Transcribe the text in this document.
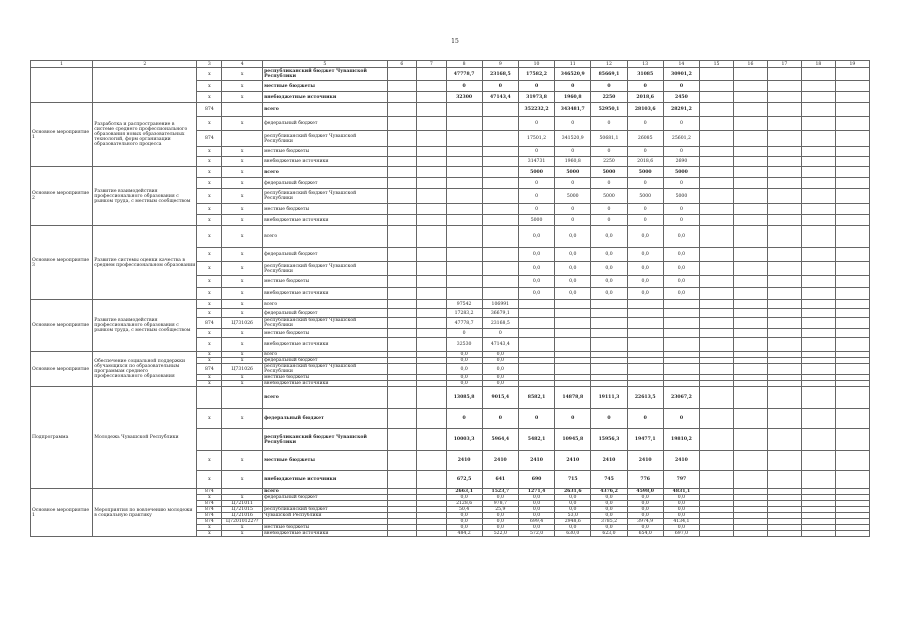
15
1	2	3	4	5	6	7	8	9	10	11	12	13	14	15	16	17	18	19
		x	x	республиканский бюджет Чувашской Республики			47778,7	23168,5	17582,2	346520,9	85669,1	31085	30901,2					
		x	x	местные бюджеты			0	0	0	0	0	0	0					
		x	x	внебюджетные источники			32300	47143,4	31973,8	1960,8	2250	2018,6	2450					
Основное мероприятие 1	Разработка и распространение в системе среднего профессионального образования новых образовательных технологий, форм организации образовательного процесса	874		всего					352232,2	343481,7	52950,1	28103,6	28291,2					
		x	x	федеральный бюджет					0	0	0	0	0					
		874		республиканский бюджет Чувашской Республики					17501,2	341520,9	50681,1	26085	25601,2					
		x	x	местные бюджеты					0	0	0	0	0					
		x	x	внебюджетные источники					314731	1960,8	2250	2018,6	2690					
Основное мероприятие 2	Развитие взаимодействия профессионального образования с рынком труда, с местным сообществом	x	x	всего					5000	5000	5000	5000	5000					
		x	x	федеральный бюджет					0	0	0	0	0					
		x	x	республиканский бюджет Чувашской Республики					0	5000	5000	5000	5000					
		x	x	местные бюджеты					0	0	0	0	0					
		x	x	внебюджетные источники					5000	0	0	0	0					
Основное мероприятие 3	Развитие системы оценки качества в среднем профессиональном образовании	x	x	всего					0,0	0,0	0,0	0,0	0,0					
		x	x	федеральный бюджет					0,0	0,0	0,0	0,0	0,0					
		x	x	республиканский бюджет Чувашской Республики					0,0	0,0	0,0	0,0	0,0					
		x	x	местные бюджеты					0,0	0,0	0,0	0,0	0,0					
		x	x	внебюджетные источники					0,0	0,0	0,0	0,0	0,0					
Основное мероприятие	Развитие взаимодействия профессионального образования с рынком труда, с местным сообществом	x	x	всего			97542	106991										
		x	x	федеральный бюджет			17283,2	36679,1										
		874	Ц731026	республиканский бюджет Чувашской Республики			47778,7	23168,5										
		x	x	местные бюджеты			0	0										
		x	x	внебюджетные источники			32530	47143,4										
Основное мероприятие	Обеспечение социальной поддержки обучающихся по образовательным программам среднего профессионального образования	x	x	всего			0,0	0,0										
		x	x	федеральный бюджет			0,0	0,0										
		874	Ц731026	республиканский бюджет Чувашской Республики			0,0	0,0										
		x	x	местные бюджеты			0,0	0,0										
		x	x	внебюджетные источники			0,0	0,0										
Подпрограмма	Молодежь Чувашской Республики			всего			13085,8	9015,4	8582,1	14878,8	19111,3	22613,5	23067,2					
		x	x	федеральный бюджет			0	0	0	0	0	0	0					
				республиканский бюджет Чувашской Республики			10003,3	5964,4	5482,1	10945,8	15956,3	19477,1	19810,2					
		x	x	местные бюджеты			2410	2410	2410	2410	2410	2410	2410					
		x	x	внебюджетные источники			672,5	641	690	715	745	776	797					
Основное мероприятие 1	Мероприятия по вовлечению молодежи в социальную практику	874		всего			2663,1	1523,7	1271,4	2631,6	4376,2	4598,0	4831,1					
		x	x	федеральный бюджет			0,0	0,0	0,0	0,0	0,0	0,0	0,0					
		874	Ц721011				2128,6	978,7	0,0	0,0	0,0	0,0	0,0					
		874	Ц721015	республиканский бюджет			50,4	25,9	0,0	0,0	0,0	0,0	0,0					
		874	Ц721016	Чувашской Республики			0,0	0,0	0,0	53,0	0,0	0,0	0,0					
		874	Ц72010122??				0,0	0,0	699,4	2948,6	3785,2	3974,9	4134,1					
		x	x	местные бюджеты			0,0	0,0	0,0	0,0	0,0	0,0	0,0					
		x	x	внебюджетные источники			484,2	522,0	572,0	630,0	623,0	654,0	697,0					
